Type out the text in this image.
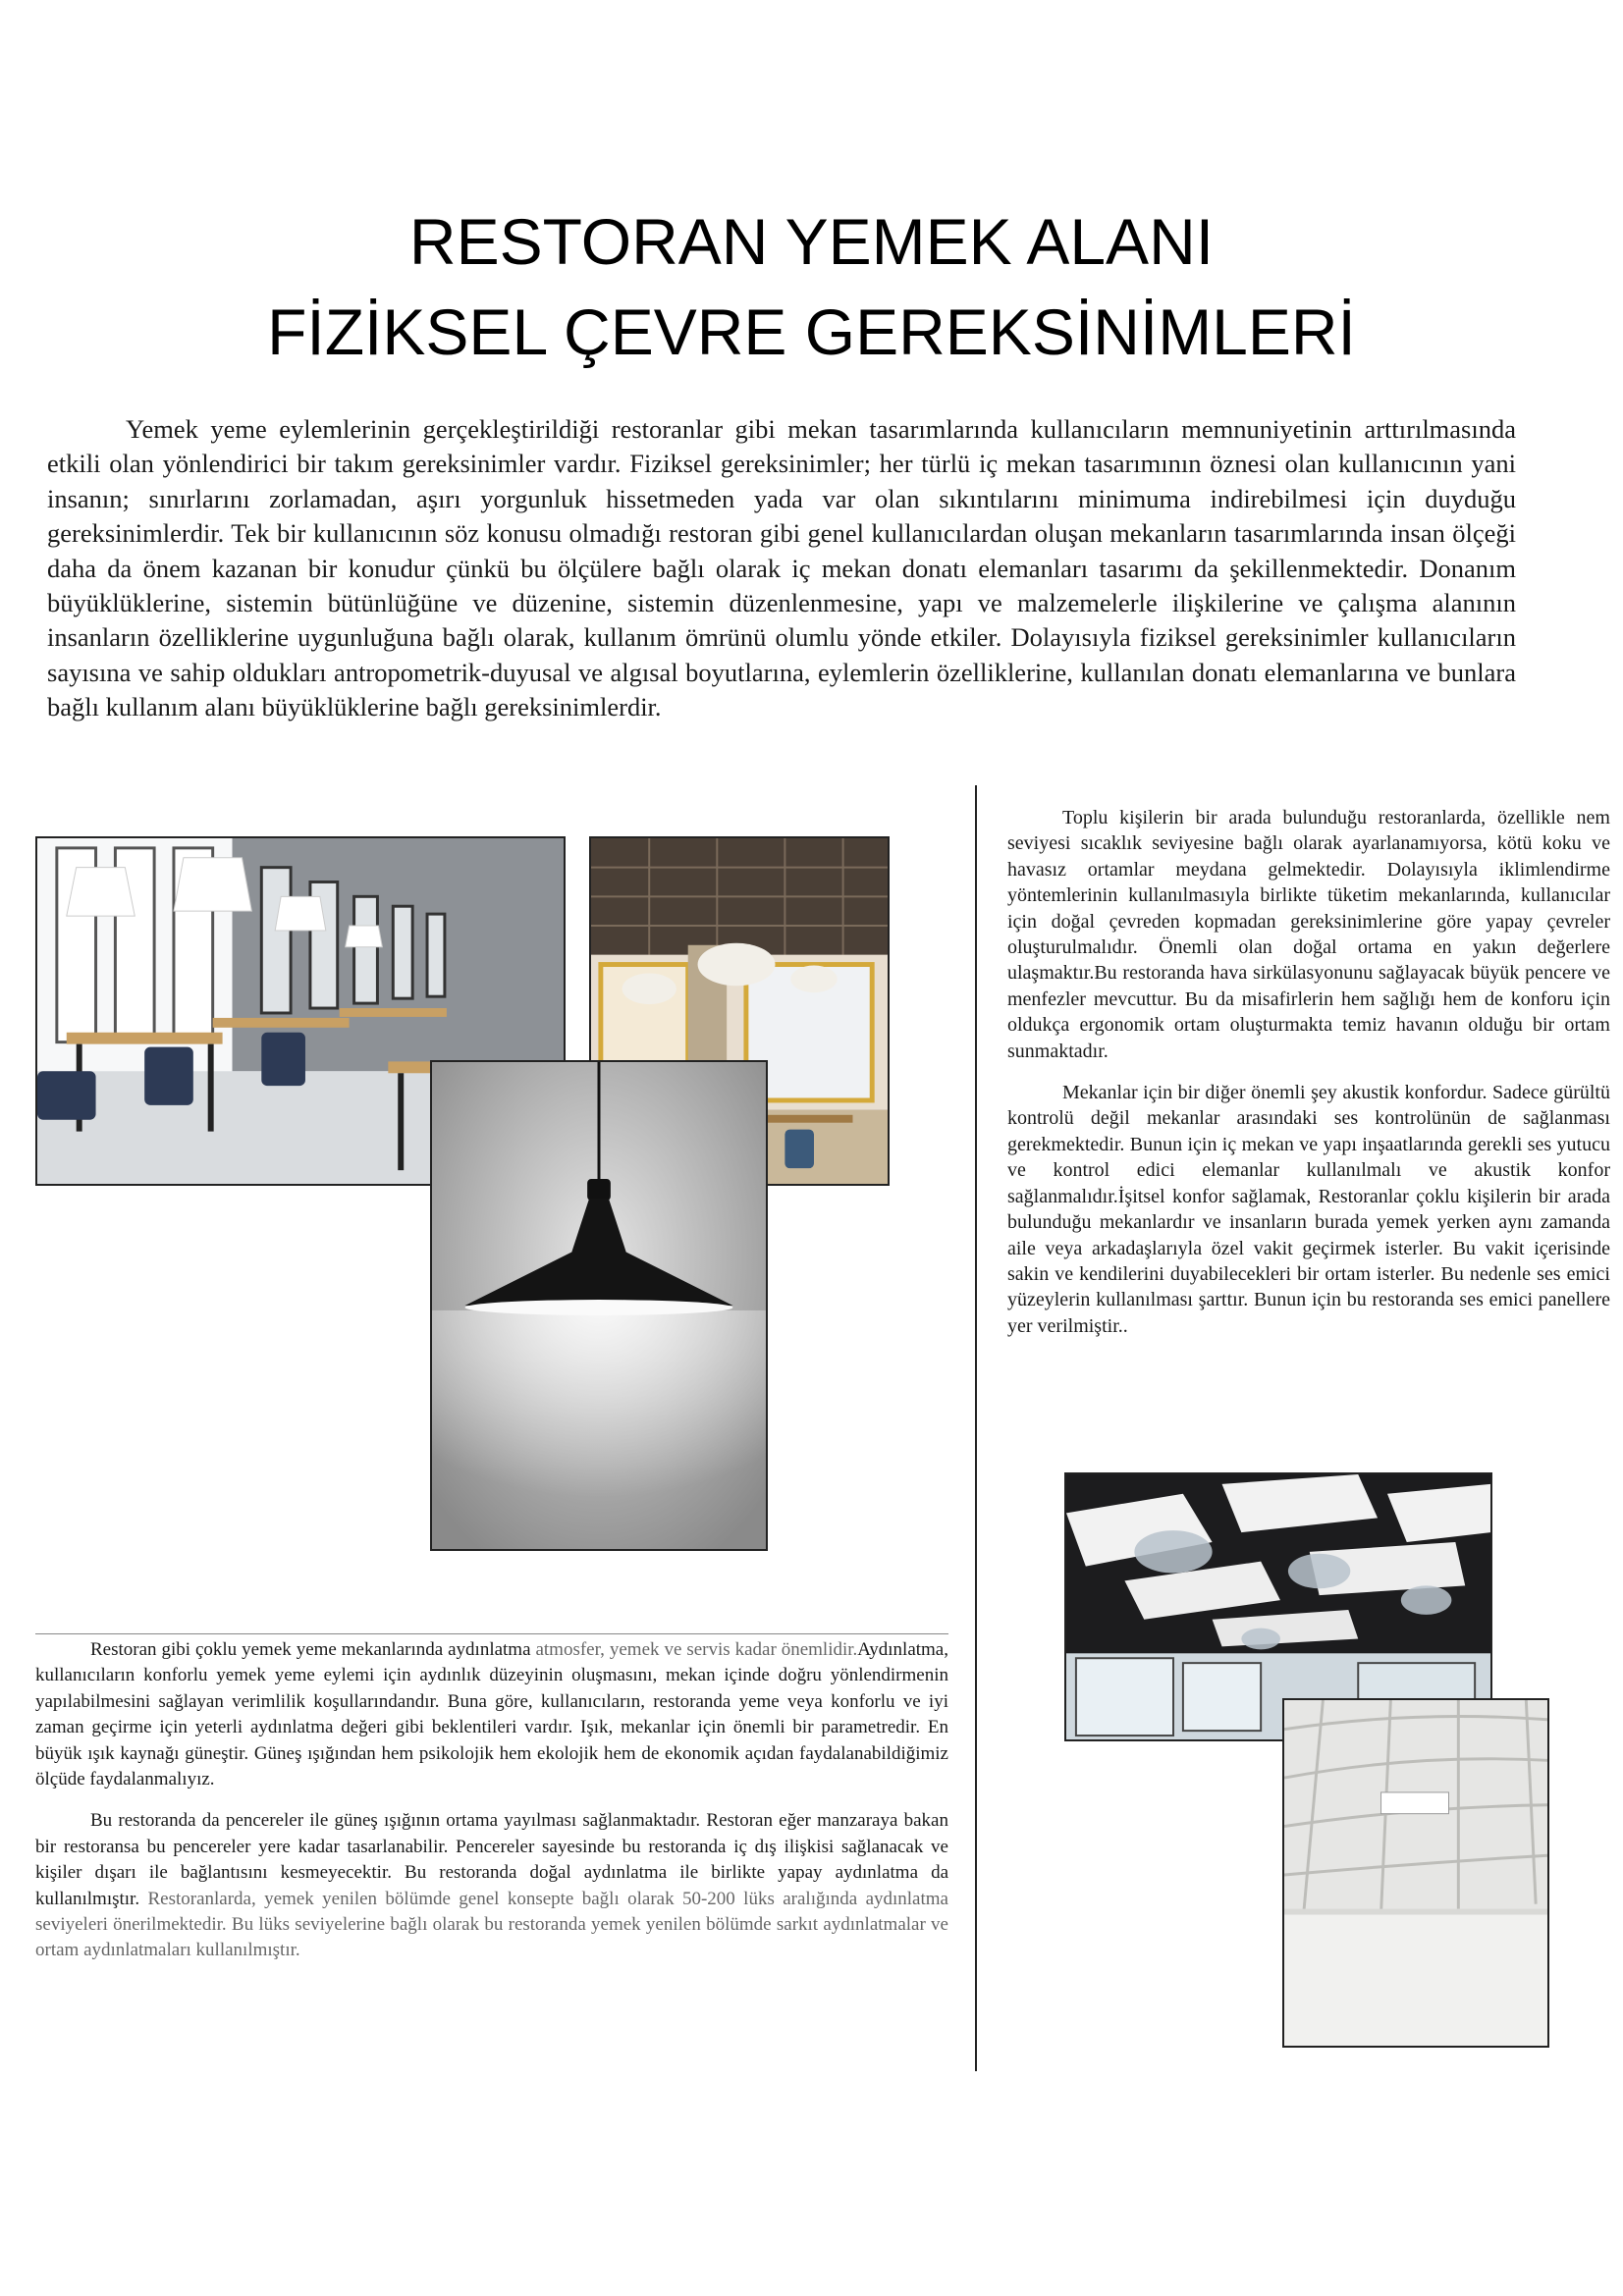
RESTORAN YEMEK ALANI
FİZİKSEL ÇEVRE GEREKSİNİMLERİ

Yemek yeme eylemlerinin gerçekleştirildiği restoranlar gibi mekan tasarımlarında kullanıcıların memnuniyetinin arttırılmasında etkili olan yönlendirici bir takım gereksinimler vardır. Fiziksel gereksinimler; her türlü iç mekan tasarımının öznesi olan kullanıcının yani insanın; sınırlarını zorlamadan, aşırı yorgunluk hissetmeden yada var olan sıkıntılarını minimuma indirebilmesi için duyduğu gereksinimlerdir. Tek bir kullanıcının söz konusu olmadığı restoran gibi genel kullanıcılardan oluşan mekanların tasarımlarında insan ölçeği daha da önem kazanan bir konudur çünkü bu ölçülere bağlı olarak iç mekan donatı elemanları tasarımı da şekillenmektedir. Donanım büyüklüklerine, sistemin bütünlüğüne ve düzenine, sistemin düzenlenmesine, yapı ve malzemelerle ilişkilerine ve çalışma alanının insanların özelliklerine uygunluğuna bağlı olarak, kullanım ömrünü olumlu yönde etkiler. Dolayısıyla fiziksel gereksinimler kullanıcıların sayısına ve sahip oldukları antropometrik-duyusal ve algısal boyutlarına, eylemlerin özelliklerine, kullanılan donatı elemanlarına ve bunlara bağlı kullanım alanı büyüklüklerine bağlı gereksinimlerdir.

Toplu kişilerin bir arada bulunduğu restoranlarda, özellikle nem seviyesi sıcaklık seviyesine bağlı olarak ayarlanamıyorsa, kötü koku ve havasız ortamlar meydana gelmektedir. Dolayısıyla iklimlendirme yöntemlerinin kullanılmasıyla birlikte tüketim mekanlarında, kullanıcılar için doğal çevreden kopmadan gereksinimlerine göre yapay çevreler oluşturulmalıdır. Önemli olan doğal ortama en yakın değerlere ulaşmaktır.Bu restoranda hava sirkülasyonunu sağlayacak büyük pencere ve menfezler mevcuttur. Bu da misafirlerin hem sağlığı hem de konforu için oldukça ergonomik ortam oluşturmakta temiz havanın olduğu bir ortam sunmaktadır.

Mekanlar için bir diğer önemli şey akustik konfordur. Sadece gürültü kontrolü değil mekanlar arasındaki ses kontrolünün de sağlanması gerekmektedir. Bunun için iç mekan ve yapı inşaatlarında gerekli ses yutucu ve kontrol edici elemanlar kullanılmalı ve akustik konfor sağlanmalıdır.İşitsel konfor sağlamak, Restoranlar çoklu kişilerin bir arada bulunduğu mekanlardır ve insanların burada yemek yerken aynı zamanda aile veya arkadaşlarıyla özel vakit geçirmek isterler. Bu vakit içerisinde sakin ve kendilerini duyabilecekleri bir ortam isterler. Bu nedenle ses emici yüzeylerin kullanılması şarttır. Bunun için bu restoranda ses emici panellere yer verilmiştir..

Restoran gibi çoklu yemek yeme mekanlarında aydınlatma atmosfer, yemek ve servis kadar önemlidir.Aydınlatma, kullanıcıların konforlu yemek yeme eylemi için aydınlık düzeyinin oluşmasını, mekan içinde doğru yönlendirmenin yapılabilmesini sağlayan verimlilik koşullarındandır. Buna göre, kullanıcıların, restoranda yeme veya konforlu ve iyi zaman geçirme için yeterli aydınlatma değeri gibi beklentileri vardır. Işık, mekanlar için önemli bir parametredir. En büyük ışık kaynağı güneştir. Güneş ışığından hem psikolojik hem ekolojik hem de ekonomik açıdan faydalanabildiğimiz ölçüde faydalanmalıyız.

Bu restoranda da pencereler ile güneş ışığının ortama yayılması sağlanmaktadır. Restoran eğer manzaraya bakan bir restoransa bu pencereler yere kadar tasarlanabilir. Pencereler sayesinde bu restoranda iç dış ilişkisi sağlanacak ve kişiler dışarı ile bağlantısını kesmeyecektir. Bu restoranda doğal aydınlatma ile birlikte yapay aydınlatma da kullanılmıştır. Restoranlarda, yemek yenilen bölümde genel konsepte bağlı olarak 50-200 lüks aralığında aydınlatma seviyeleri önerilmektedir. Bu lüks seviyelerine bağlı olarak bu restoranda yemek yenilen bölümde sarkıt aydınlatmalar ve ortam aydınlatmaları kullanılmıştır.
